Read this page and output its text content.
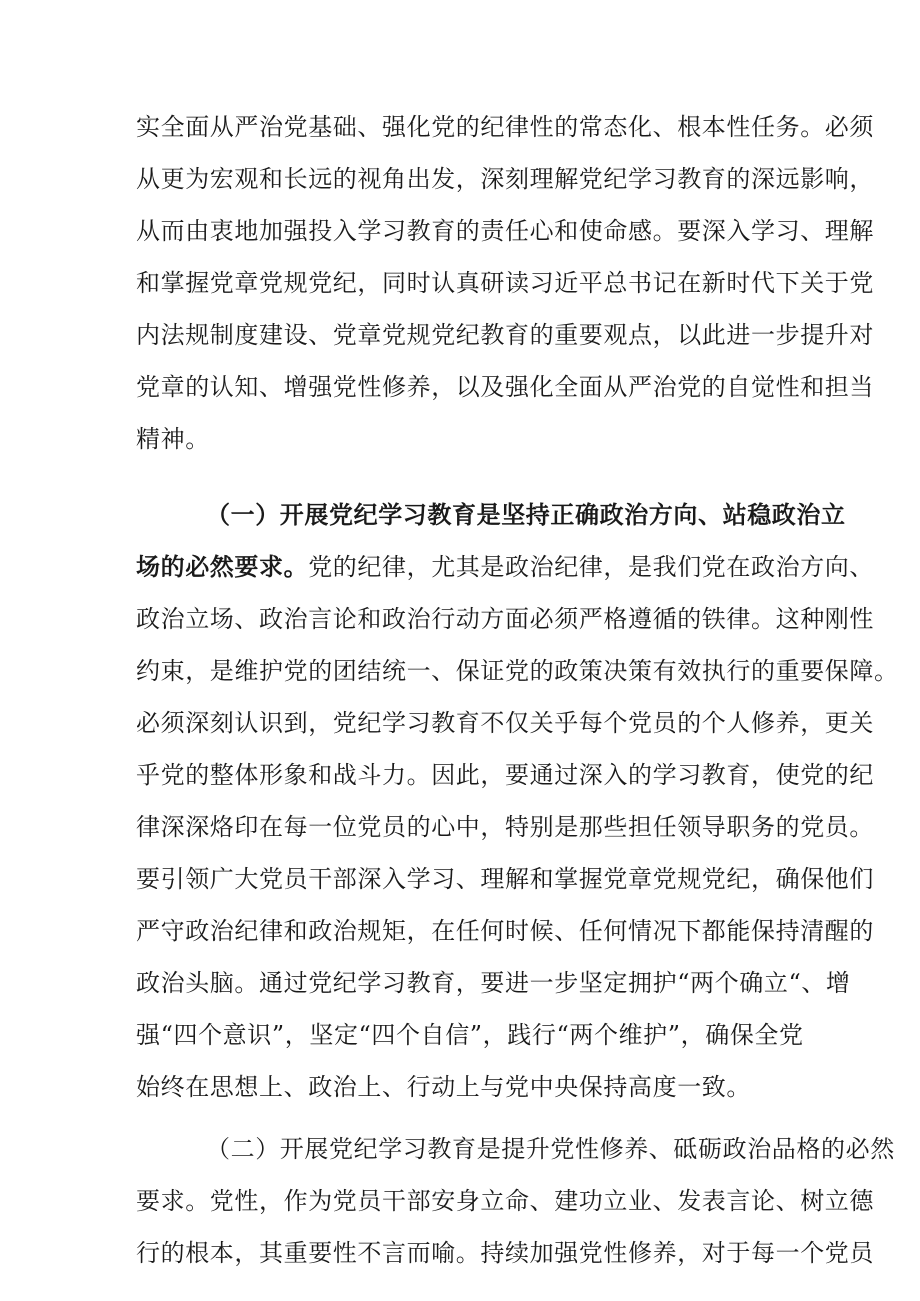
实全面从严治党基础、强化党的纪律性的常态化、根本性任务。必须
从更为宏观和长远的视角出发，深刻理解党纪学习教育的深远影响，
从而由衷地加强投入学习教育的责任心和使命感。要深入学习、理解
和掌握党章党规党纪，同时认真研读习近平总书记在新时代下关于党
内法规制度建设、党章党规党纪教育的重要观点，以此进一步提升对
党章的认知、增强党性修养，以及强化全面从严治党的自觉性和担当
精神。
（一）开展党纪学习教育是坚持正确政治方向、站稳政治立
场的必然要求。党的纪律，尤其是政治纪律，是我们党在政治方向、
政治立场、政治言论和政治行动方面必须严格遵循的铁律。这种刚性
约束，是维护党的团结统一、保证党的政策决策有效执行的重要保障。
必须深刻认识到，党纪学习教育不仅关乎每个党员的个人修养，更关
乎党的整体形象和战斗力。因此，要通过深入的学习教育，使党的纪
律深深烙印在每一位党员的心中，特别是那些担任领导职务的党员。
要引领广大党员干部深入学习、理解和掌握党章党规党纪，确保他们
严守政治纪律和政治规矩，在任何时候、任何情况下都能保持清醒的
政治头脑。通过党纪学习教育，要进一步坚定拥护“两个确立“、增
强“四个意识”，坚定“四个自信”，践行“两个维护”，确保全党
始终在思想上、政治上、行动上与党中央保持高度一致。
（二）开展党纪学习教育是提升党性修养、砥砺政治品格的必然
要求。党性，作为党员干部安身立命、建功立业、发表言论、树立德
行的根本，其重要性不言而喻。持续加强党性修养，对于每一个党员
